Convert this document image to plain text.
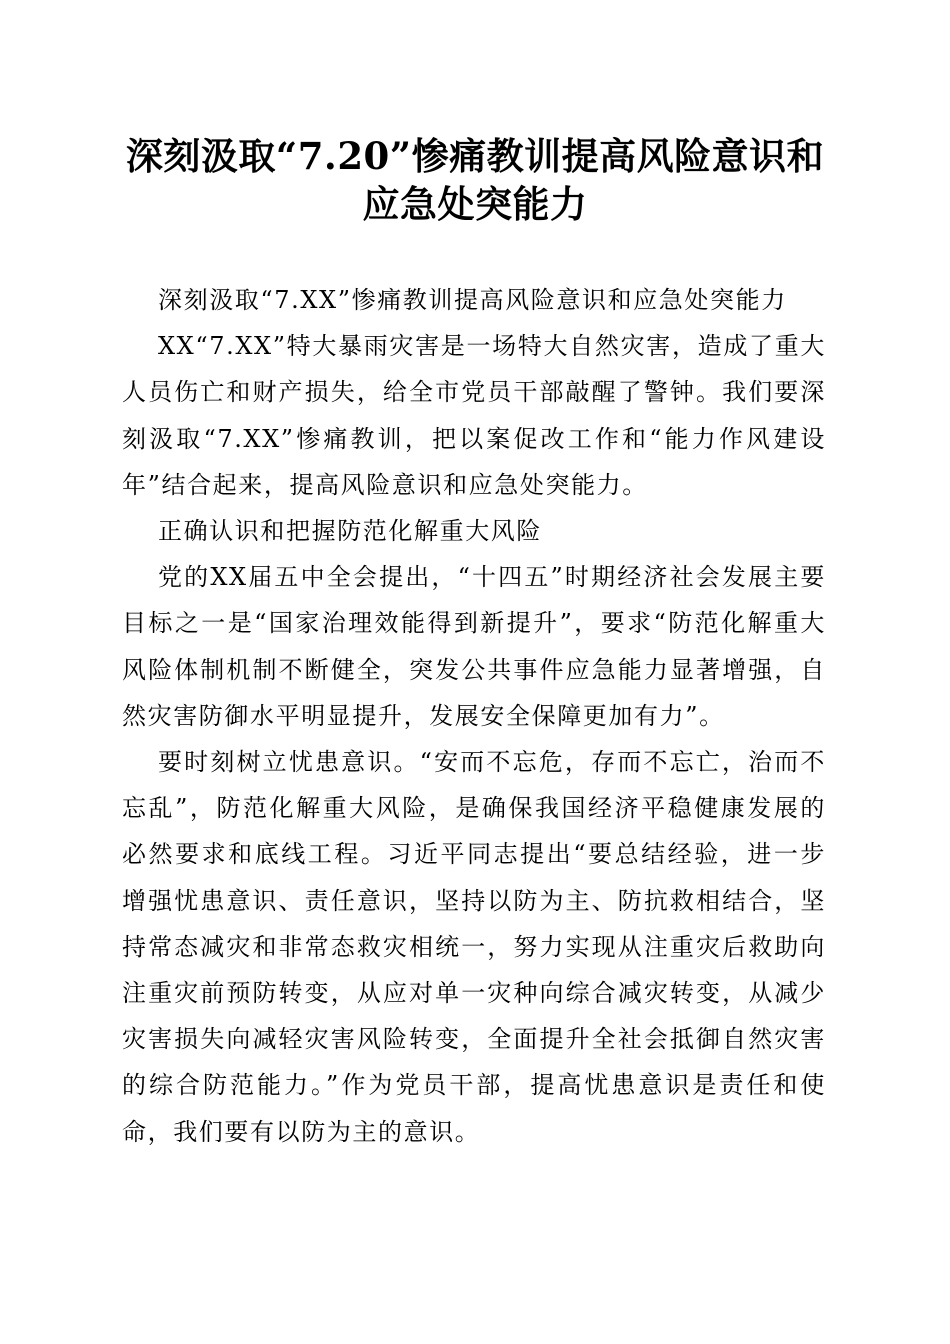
深刻汲取“7.20”惨痛教训提高风险意识和应急处突能力

深刻汲取“7.XX”惨痛教训提高风险意识和应急处突能力

XX“7.XX”特大暴雨灾害是一场特大自然灾害，造成了重大人员伤亡和财产损失，给全市党员干部敲醒了警钟。我们要深刻汲取“7.XX”惨痛教训，把以案促改工作和“能力作风建设年”结合起来，提高风险意识和应急处突能力。

正确认识和把握防范化解重大风险

党的XX届五中全会提出，“十四五”时期经济社会发展主要目标之一是“国家治理效能得到新提升”，要求“防范化解重大风险体制机制不断健全，突发公共事件应急能力显著增强，自然灾害防御水平明显提升，发展安全保障更加有力”。

要时刻树立忧患意识。“安而不忘危，存而不忘亡，治而不忘乱”，防范化解重大风险，是确保我国经济平稳健康发展的必然要求和底线工程。习近平同志提出“要总结经验，进一步增强忧患意识、责任意识，坚持以防为主、防抗救相结合，坚持常态减灾和非常态救灾相统一，努力实现从注重灾后救助向注重灾前预防转变，从应对单一灾种向综合减灾转变，从减少灾害损失向减轻灾害风险转变，全面提升全社会抵御自然灾害的综合防范能力。”作为党员干部，提高忧患意识是责任和使命，我们要有以防为主的意识。
